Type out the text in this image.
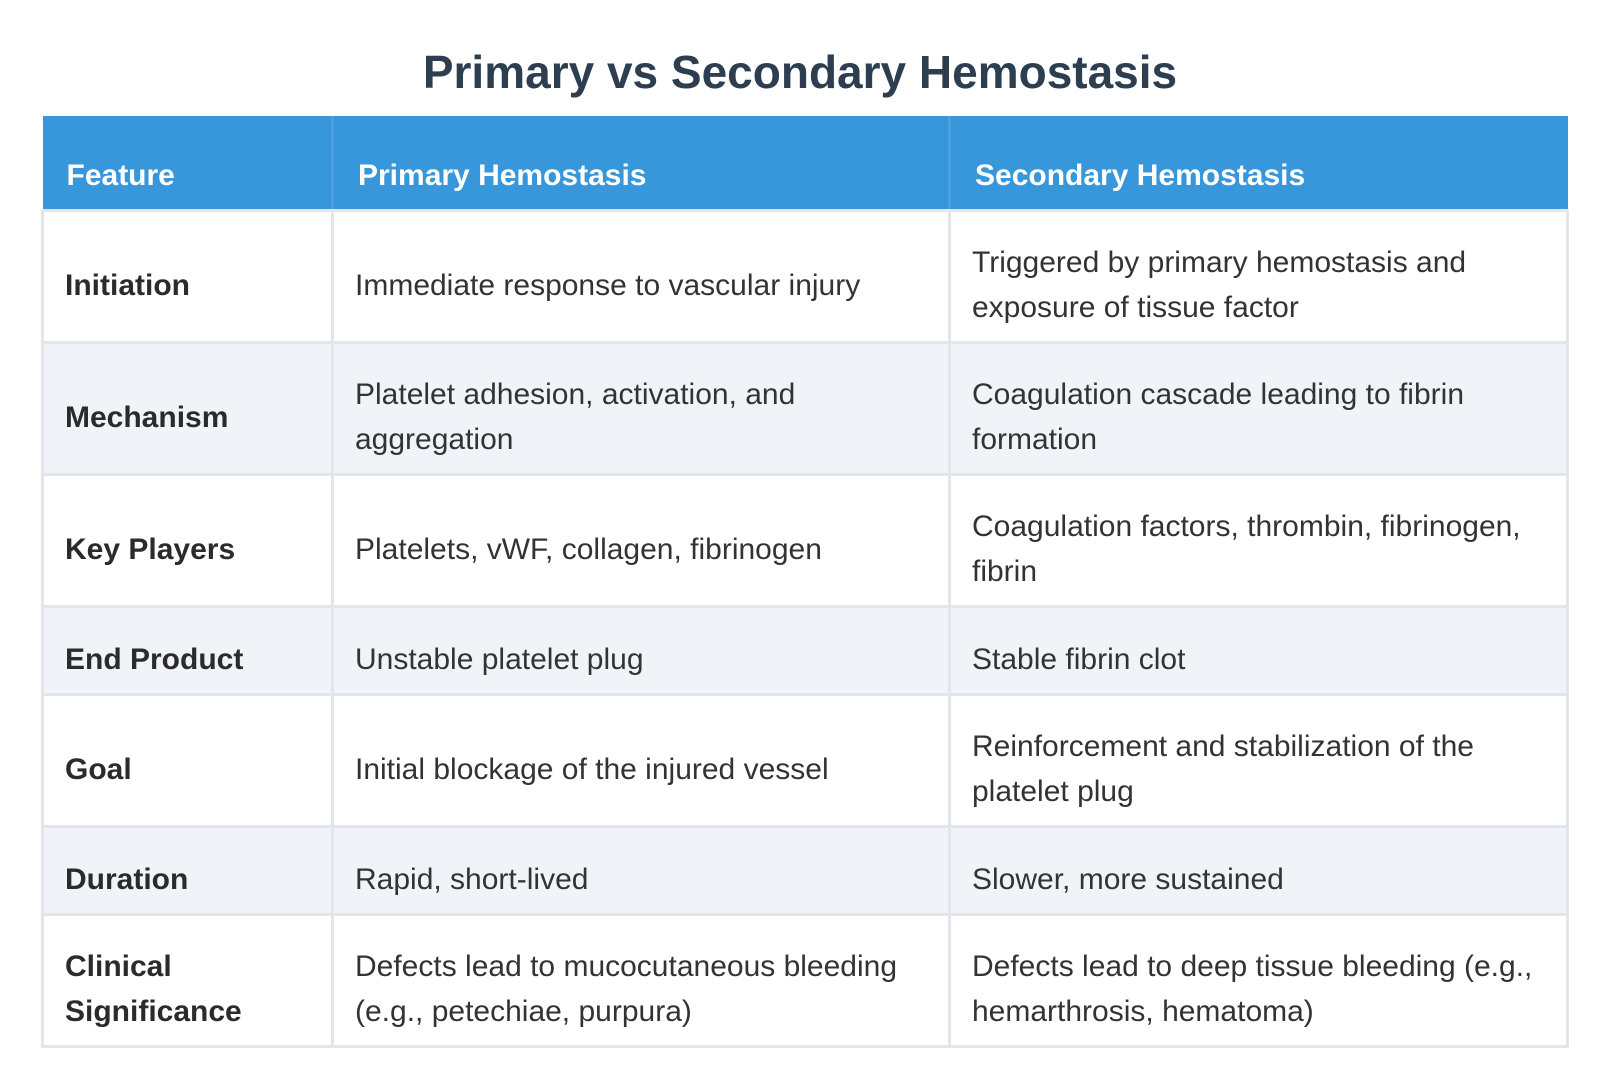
Primary vs Secondary Hemostasis
Feature	Primary Hemostasis	Secondary Hemostasis
Initiation	Immediate response to vascular injury	Triggered by primary hemostasis and exposure of tissue factor
Mechanism	Platelet adhesion, activation, and aggregation	Coagulation cascade leading to fibrin formation
Key Players	Platelets, vWF, collagen, fibrinogen	Coagulation factors, thrombin, fibrinogen, fibrin
End Product	Unstable platelet plug	Stable fibrin clot
Goal	Initial blockage of the injured vessel	Reinforcement and stabilization of the platelet plug
Duration	Rapid, short-lived	Slower, more sustained
Clinical Significance	Defects lead to mucocutaneous bleeding (e.g., petechiae, purpura)	Defects lead to deep tissue bleeding (e.g., hemarthrosis, hematoma)
